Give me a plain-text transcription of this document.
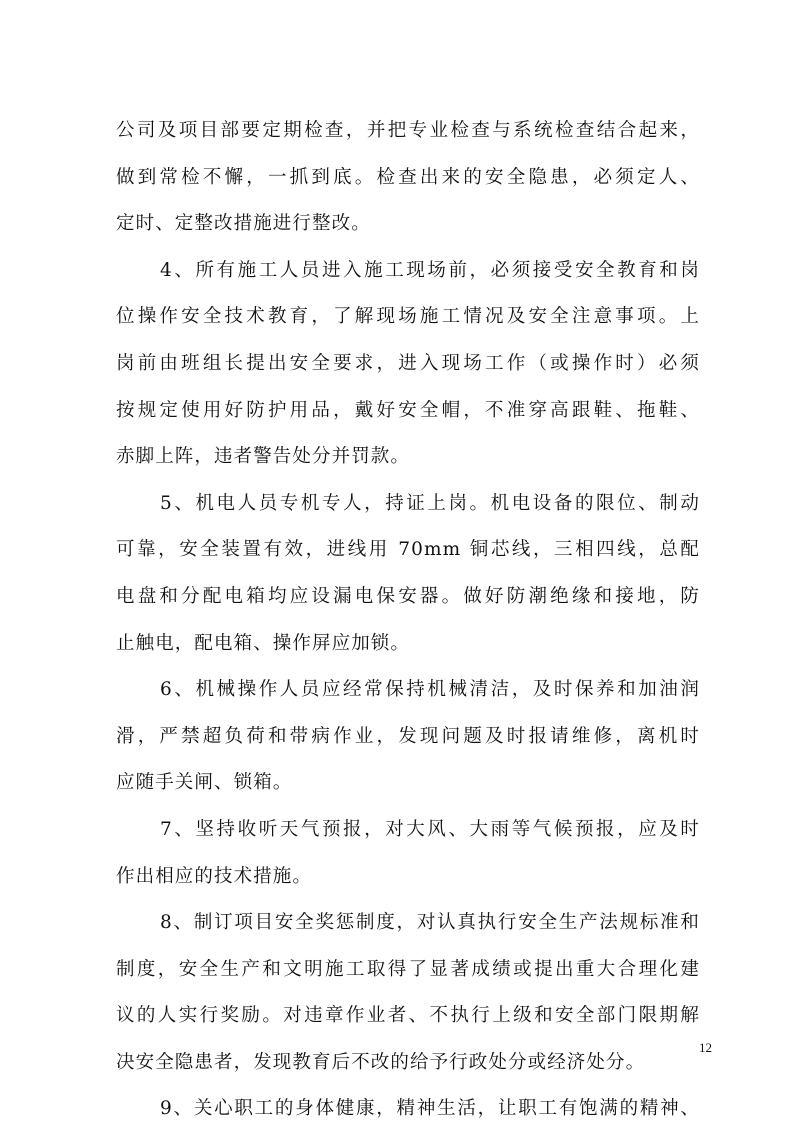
公司及项目部要定期检查，并把专业检查与系统检查结合起来，
做到常检不懈，一抓到底。检查出来的安全隐患，必须定人、
定时、定整改措施进行整改。
4、所有施工人员进入施工现场前，必须接受安全教育和岗
位操作安全技术教育，了解现场施工情况及安全注意事项。上
岗前由班组长提出安全要求，进入现场工作（或操作时）必须
按规定使用好防护用品，戴好安全帽，不准穿高跟鞋、拖鞋、
赤脚上阵，违者警告处分并罚款。
5、机电人员专机专人，持证上岗。机电设备的限位、制动
可靠，安全装置有效，进线用 70mm 铜芯线，三相四线，总配
电盘和分配电箱均应设漏电保安器。做好防潮绝缘和接地，防
止触电，配电箱、操作屏应加锁。
6、机械操作人员应经常保持机械清洁，及时保养和加油润
滑，严禁超负荷和带病作业，发现问题及时报请维修，离机时
应随手关闸、锁箱。
7、坚持收听天气预报，对大风、大雨等气候预报，应及时
作出相应的技术措施。
8、制订项目安全奖惩制度，对认真执行安全生产法规标准和
制度，安全生产和文明施工取得了显著成绩或提出重大合理化建
议的人实行奖励。对违章作业者、不执行上级和安全部门限期解
决安全隐患者，发现教育后不改的给予行政处分或经济处分。
9、关心职工的身体健康，精神生活，让职工有饱满的精神、
12
